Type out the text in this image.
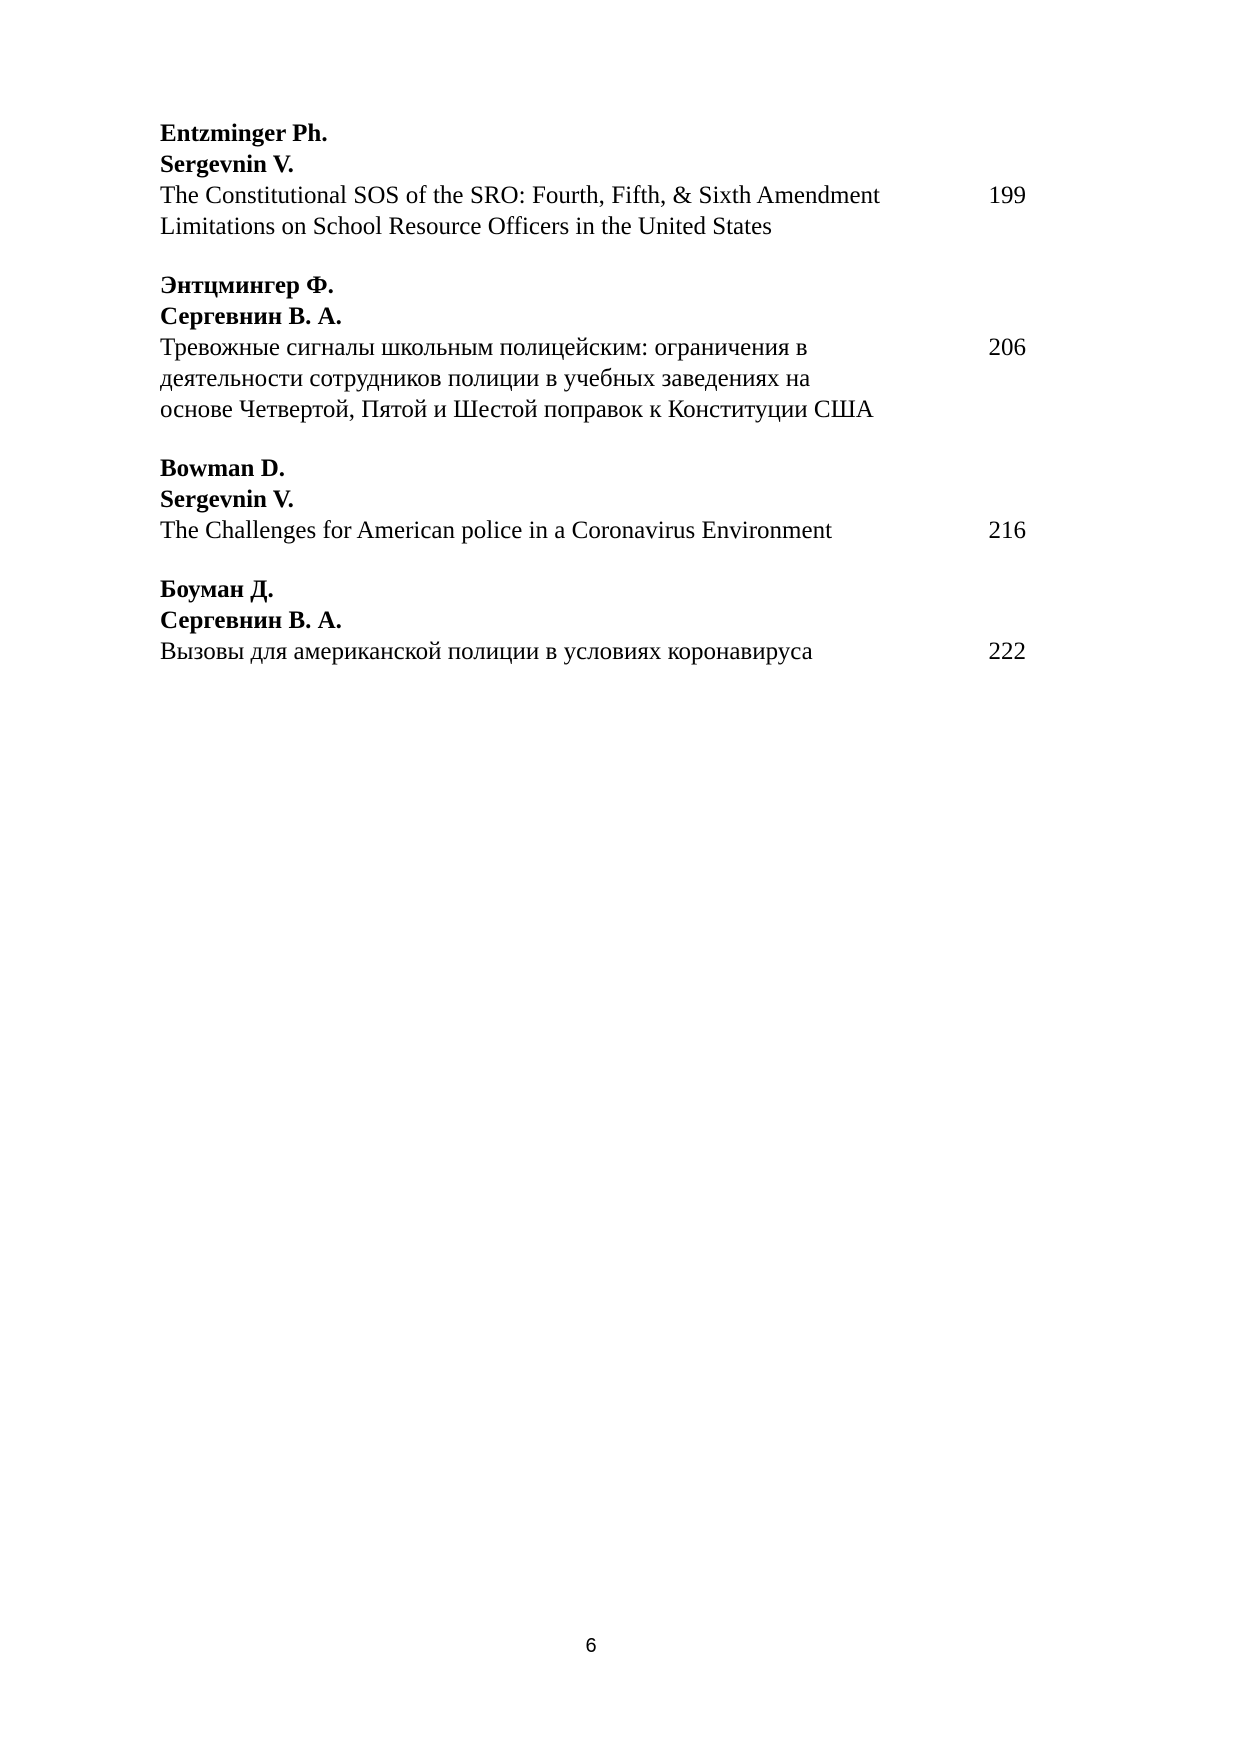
Entzminger Ph.
Sergevnin V.
The Constitutional SOS of the SRO: Fourth, Fifth, & Sixth Amendment Limitations on School Resource Officers in the United States
199
Энтцмингер Ф.
Сергевнин В. А.
Тревожные сигналы школьным полицейским: ограничения в деятельности сотрудников полиции в учебных заведениях на основе Четвертой, Пятой и Шестой поправок к Конституции США
206
Bowman D.
Sergevnin V.
The Challenges for American police in a Coronavirus Environment	216
Боуман Д.
Сергевнин В. А.
Вызовы для американской полиции в условиях коронавируса	222
6
